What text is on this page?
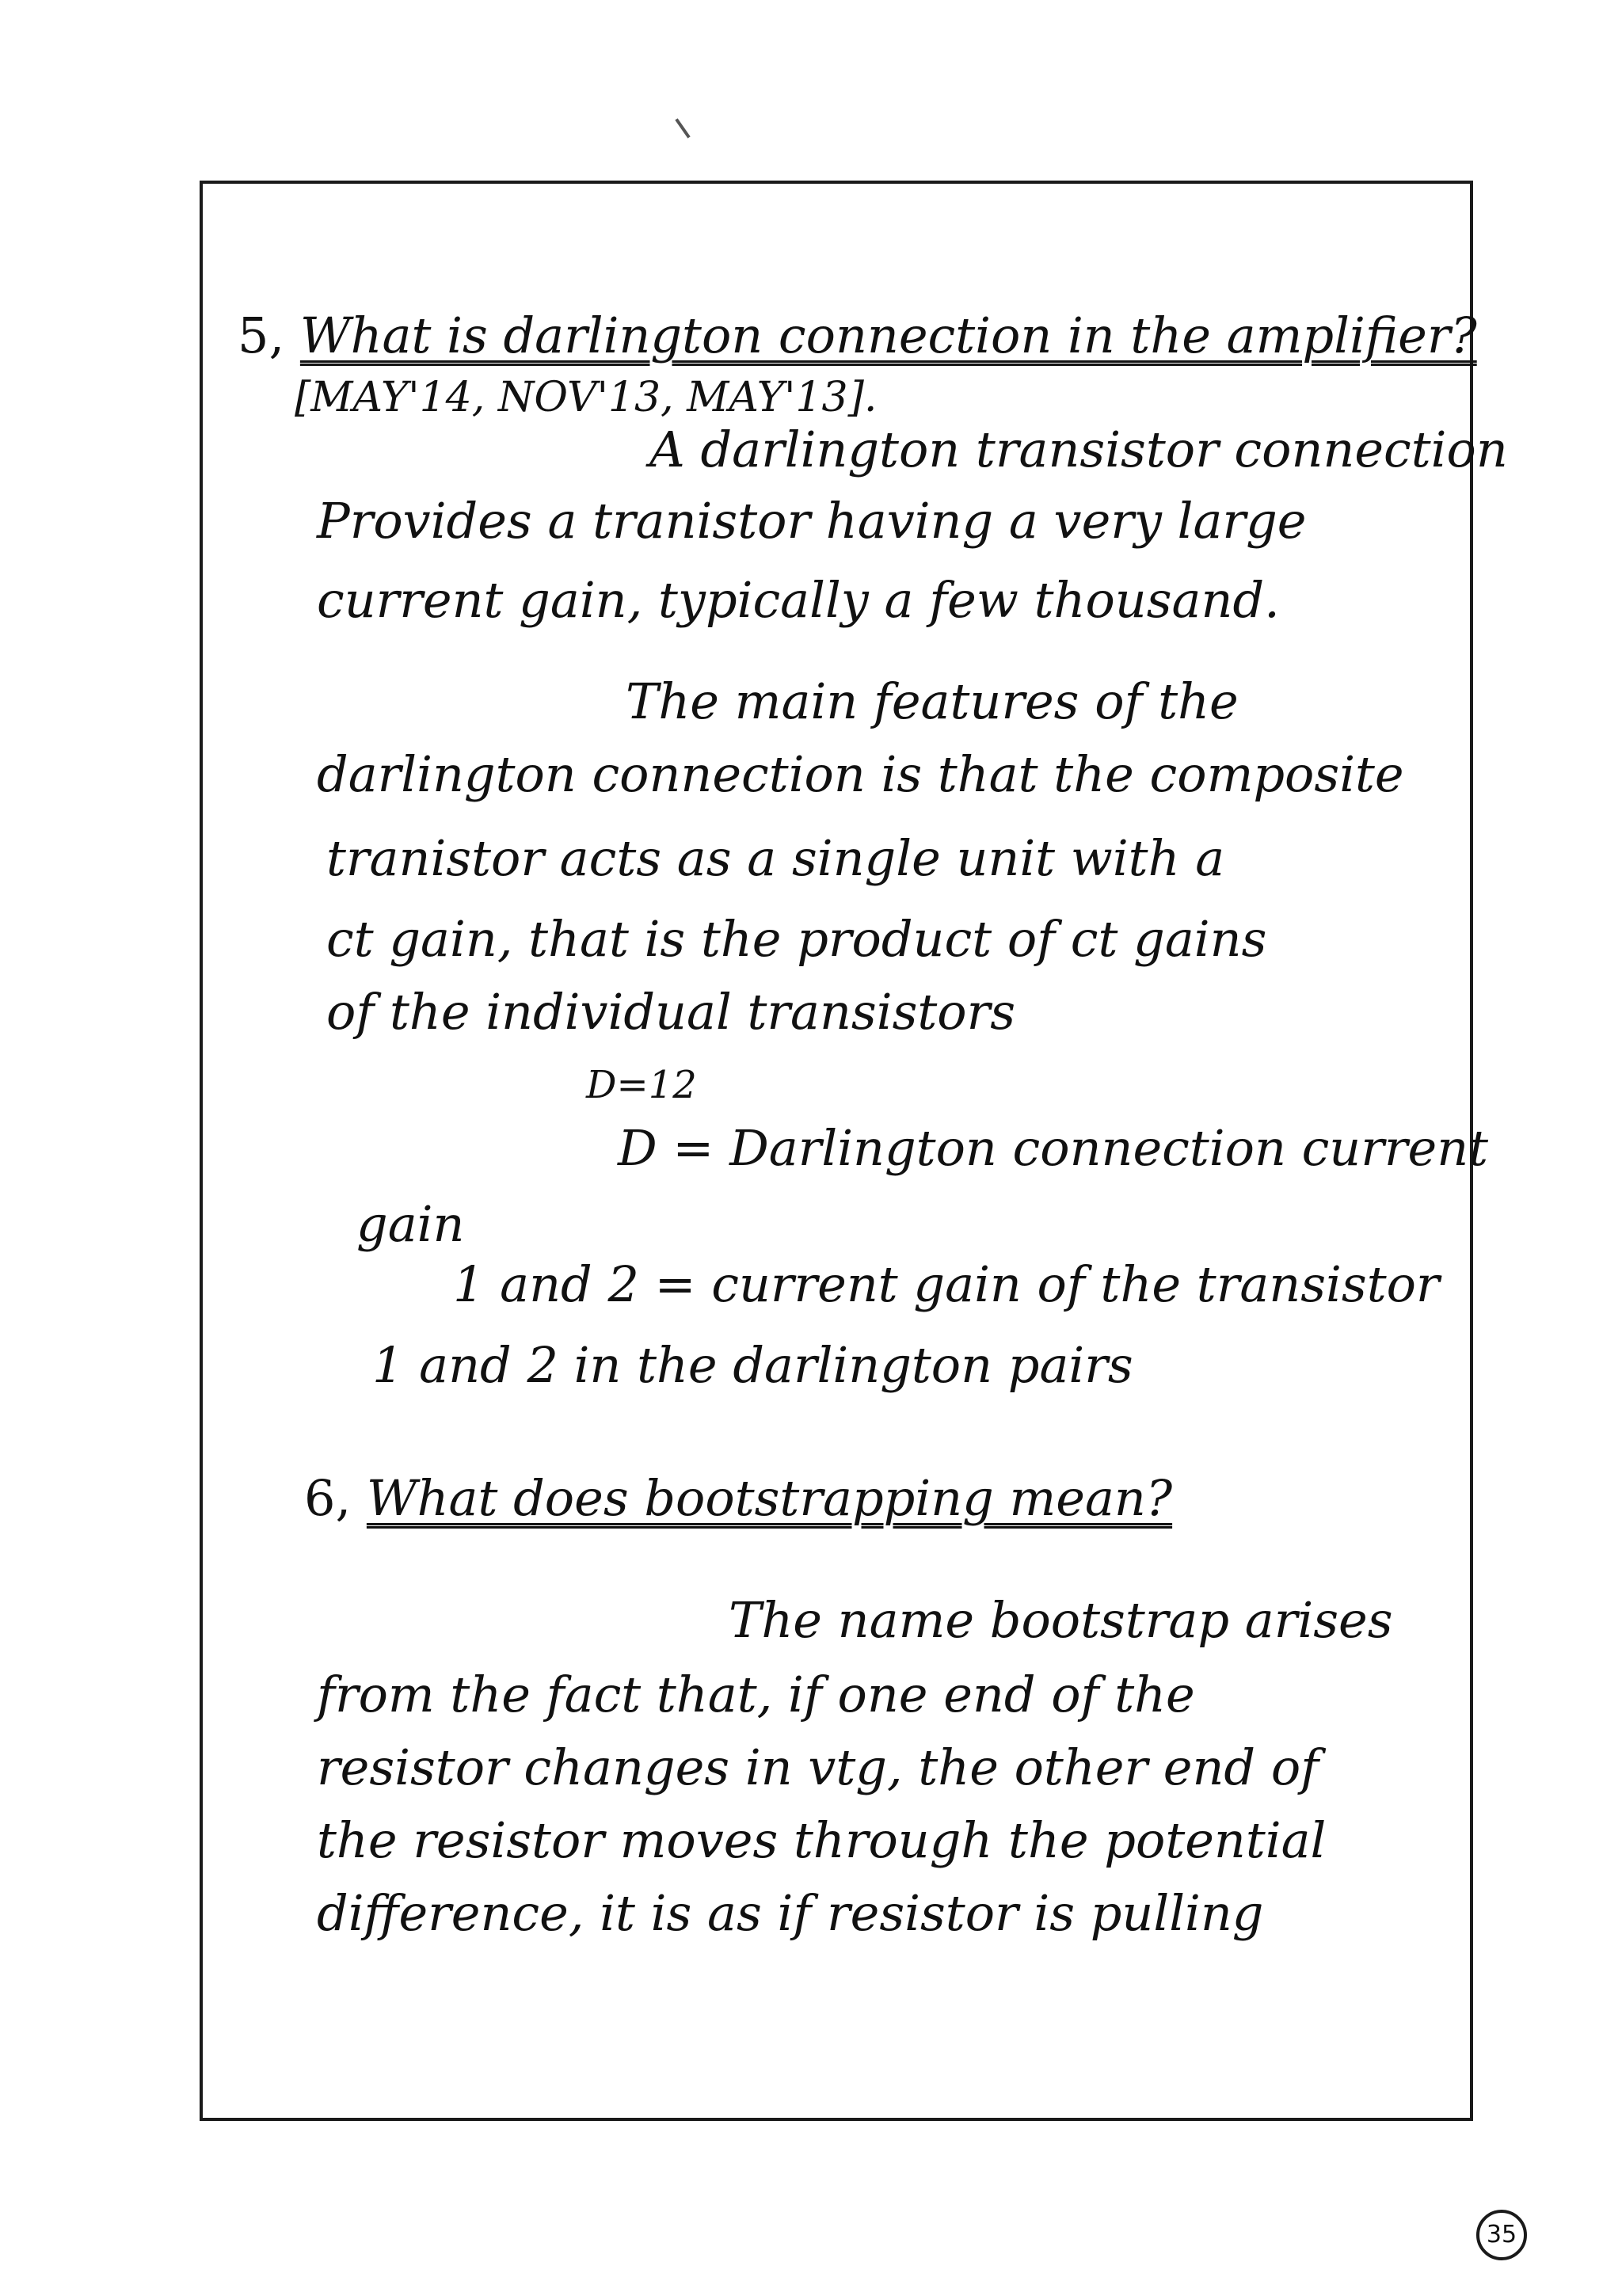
5, What is darlington connection in the amplifier?
[MAY'14, NOV'13, MAY'13].
A darlington transistor connection
Provides a tranistor having a very large
current gain, typically a few thousand.
The main features of the
darlington connection is that the composite
tranistor acts as a single unit with a
ct gain, that is the product of ct gains
of the individual transistors
D=12
D = Darlington connection current
gain
1 and 2 = current gain of the transistor
1 and 2 in the darlington pairs
6, What does bootstrapping mean?
The name bootstrap arises
from the fact that, if one end of the
resistor changes in vtg, the other end of
the resistor moves through the potential
difference, it is as if resistor is pulling
35
